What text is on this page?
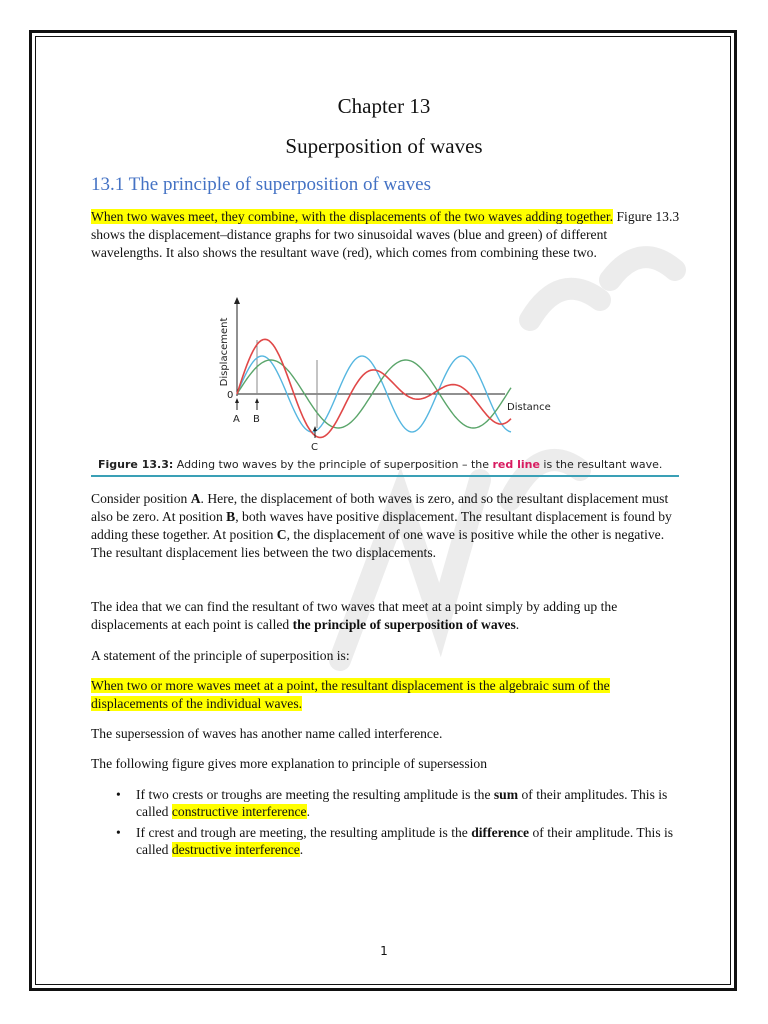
Chapter 13
Superposition of waves
13.1 The principle of superposition of waves
When two waves meet, they combine, with the displacements of the two waves adding together. Figure 13.3 shows the displacement–distance graphs for two sinusoidal waves (blue and green) of different wavelengths. It also shows the resultant wave (red), which comes from combining these two.
Displacement
0
Distance
A B
C
Figure 13.3: Adding two waves by the principle of superposition – the red line is the resultant wave.
Consider position A. Here, the displacement of both waves is zero, and so the resultant displacement must also be zero. At position B, both waves have positive displacement. The resultant displacement is found by adding these together. At position C, the displacement of one wave is positive while the other is negative. The resultant displacement lies between the two displacements.
The idea that we can find the resultant of two waves that meet at a point simply by adding up the displacements at each point is called the principle of superposition of waves.
A statement of the principle of superposition is:
When two or more waves meet at a point, the resultant displacement is the algebraic sum of the displacements of the individual waves.
The supersession of waves has another name called interference.
The following figure gives more explanation to principle of supersession
• If two crests or troughs are meeting the resulting amplitude is the sum of their amplitudes. This is called constructive interference.
• If crest and trough are meeting, the resulting amplitude is the difference of their amplitude. This is called destructive interference.
1
